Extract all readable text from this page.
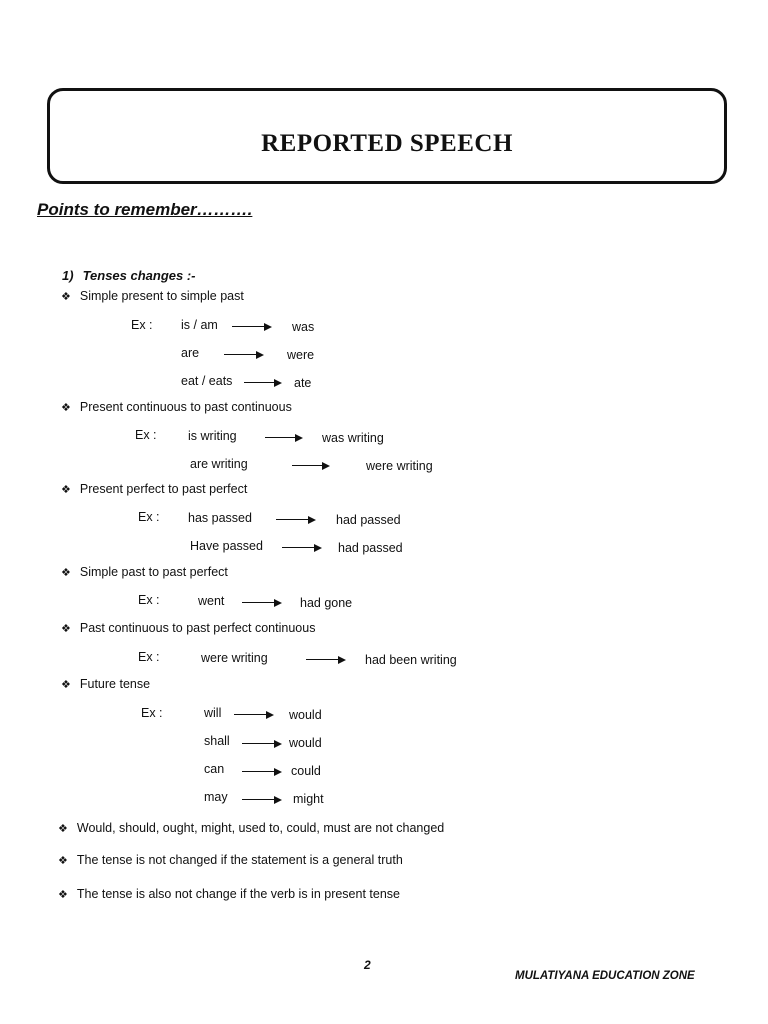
REPORTED SPEECH
Points to remember……….
1) Tenses changes :-
❖ Simple present to simple past
Ex : is / am	was
are	were
eat / eats	ate
❖ Present continuous to past continuous
Ex :	is writing	was writing
are writing	were writing
❖ Present perfect to past perfect
Ex : has passed	had passed
Have passed	had passed
❖ Simple past to past perfect
Ex :	went	had gone
❖ Past continuous to past perfect continuous
Ex :	were writing	had been writing
❖ Future tense
Ex :	will	would
shall	would
can	could
may	might
❖ Would, should, ought, might, used to, could, must are not changed
❖ The tense is not changed if the statement is a general truth
❖ The tense is also not change if the verb is in present tense
2
MULATIYANA EDUCATION ZONE
